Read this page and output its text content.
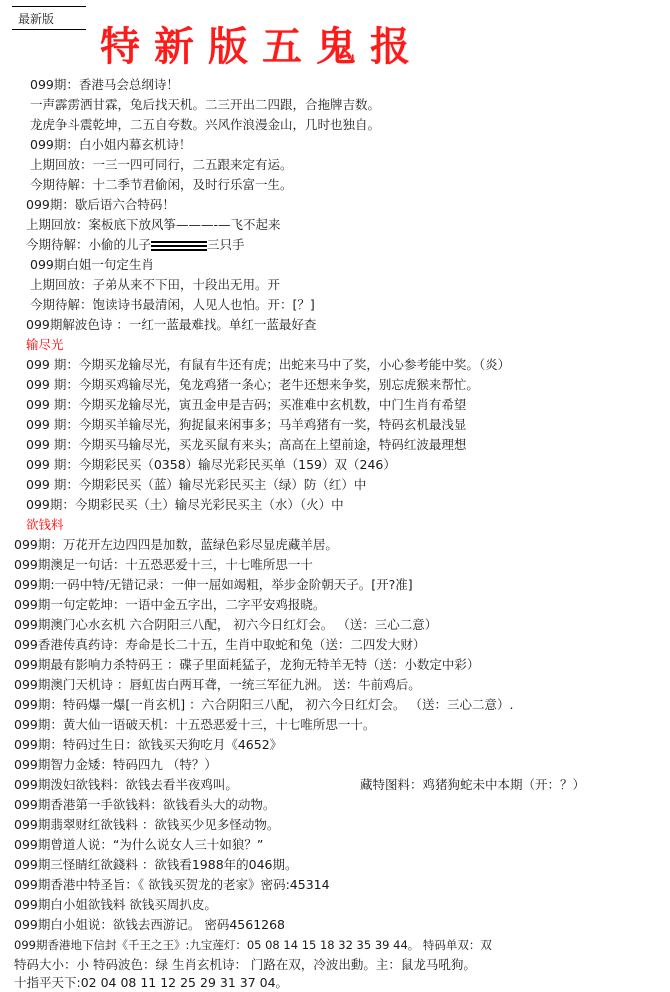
最新版
特新版五鬼报
099期：香港马会总纲诗！
一声霹雳洒甘霖，兔后找天机。二三开出二四跟，合拖牌吉数。
龙虎争斗震乾坤，二五自夸数。兴风作浪漫金山，几时也独自。
099期：白小姐内幕玄机诗！
上期回放：一三一四可同行，二五跟来定有运。
今期待解：十二季节君偷闲，及时行乐富一生。
099期：歇后语六合特码！
上期回放：案板底下放风筝———-—飞不起来
今期待解：小偷的儿子	三只手
099期白姐一句定生肖
上期回放：子弟从来不下田，十段出无用。开
今期待解：饱读诗书最清闲，人见人也怕。开：[？]
099期解波色诗 ：一红一蓝最难找。单红一蓝最好查
输尽光
099 期：今期买龙输尽光，有鼠有牛还有虎；出蛇来马中了奖，小心参考能中奖。（炎）
099 期：今期买鸡输尽光，兔龙鸡猪一条心；老牛还想来争奖，别忘虎猴来帮忙。
099 期：今期买龙输尽光，寅丑金申是吉码；买准难中玄机数，中门生肖有希望
099 期：今期买羊输尽光，狗捉鼠来闲事多；马羊鸡猪有一奖，特码玄机最浅显
099 期：今期买马输尽光，买龙买鼠有来头；高高在上望前途，特码红波最理想
099 期：今期彩民买（0358）输尽光彩民买单（159）双（246）
099 期：今期彩民买（蓝）输尽光彩民买主（绿）防（红）中
099期：今期彩民买（土）输尽光彩民买主（水）（火）中
欲钱料
099期：万花开左边四四是加数，蓝绿色彩尽显虎藏羊居。
099期澳足一句话：十五恐恶爱十三，十七唯所思一十
099期:一码中特/无错记录：一伸一屈如竭粗，举步金阶朝天子。[开?准]
099期一句定乾坤：一语中金五字出，二字平安鸡报晓。
099期澳门心水玄机 六合阴阳三八配， 初六今日红灯会。 （送：三心二意）
099香港传真药诗：寿命是长二十五，生肖中取蛇和兔（送：二四发大财）
099期最有影响力杀特码王 ：碟子里面耗猛子，龙狗无特羊无特（送：小数定中彩）
099期澳门天机诗 ：唇虹齿白两耳聋，一统三军征九洲。 送：牛前鸡后。
099期：特码爆一爆[一肖玄机] ：六合阴阳三八配， 初六今日红灯会。 （送：三心二意）.
099期：黄大仙一语破天机：十五恐恶爱十三，十七唯所思一十。
099期：特码过生日：欲钱买天狗吃月《4652》
099期智力金矮：特码四九 （特？）
099期泼妇欲钱料：欲钱去看半夜鸡叫。	藏特图料：鸡猪狗蛇未中本期（开：？）
099期香港第一手欲钱料：欲钱看头大的动物。
099期翡翠财红欲钱料 ：欲钱买少见多怪动物。
099期曾道人说：“为什么说女人三十如狼？”
099期三怪睛红欲錢料 ：欲钱看1988年的046期。
099期香港中特圣旨：《 欲钱买贺龙的老家》密码:45314
099期白小姐欲钱料 欲钱买周扒皮。
099期白小姐说：欲钱去西游记。 密码4561268
099期香港地下信封《千王之王》:九宝莲灯：05 08 14 15 18 32 35 39 44。 特码单双：双
特码大小：小 特码波色：绿 生肖玄机诗： 门路在双，冷波出動。主：鼠龙马吼狗。
十指平天下:02 04 08 11 12 25 29 31 37 04。
